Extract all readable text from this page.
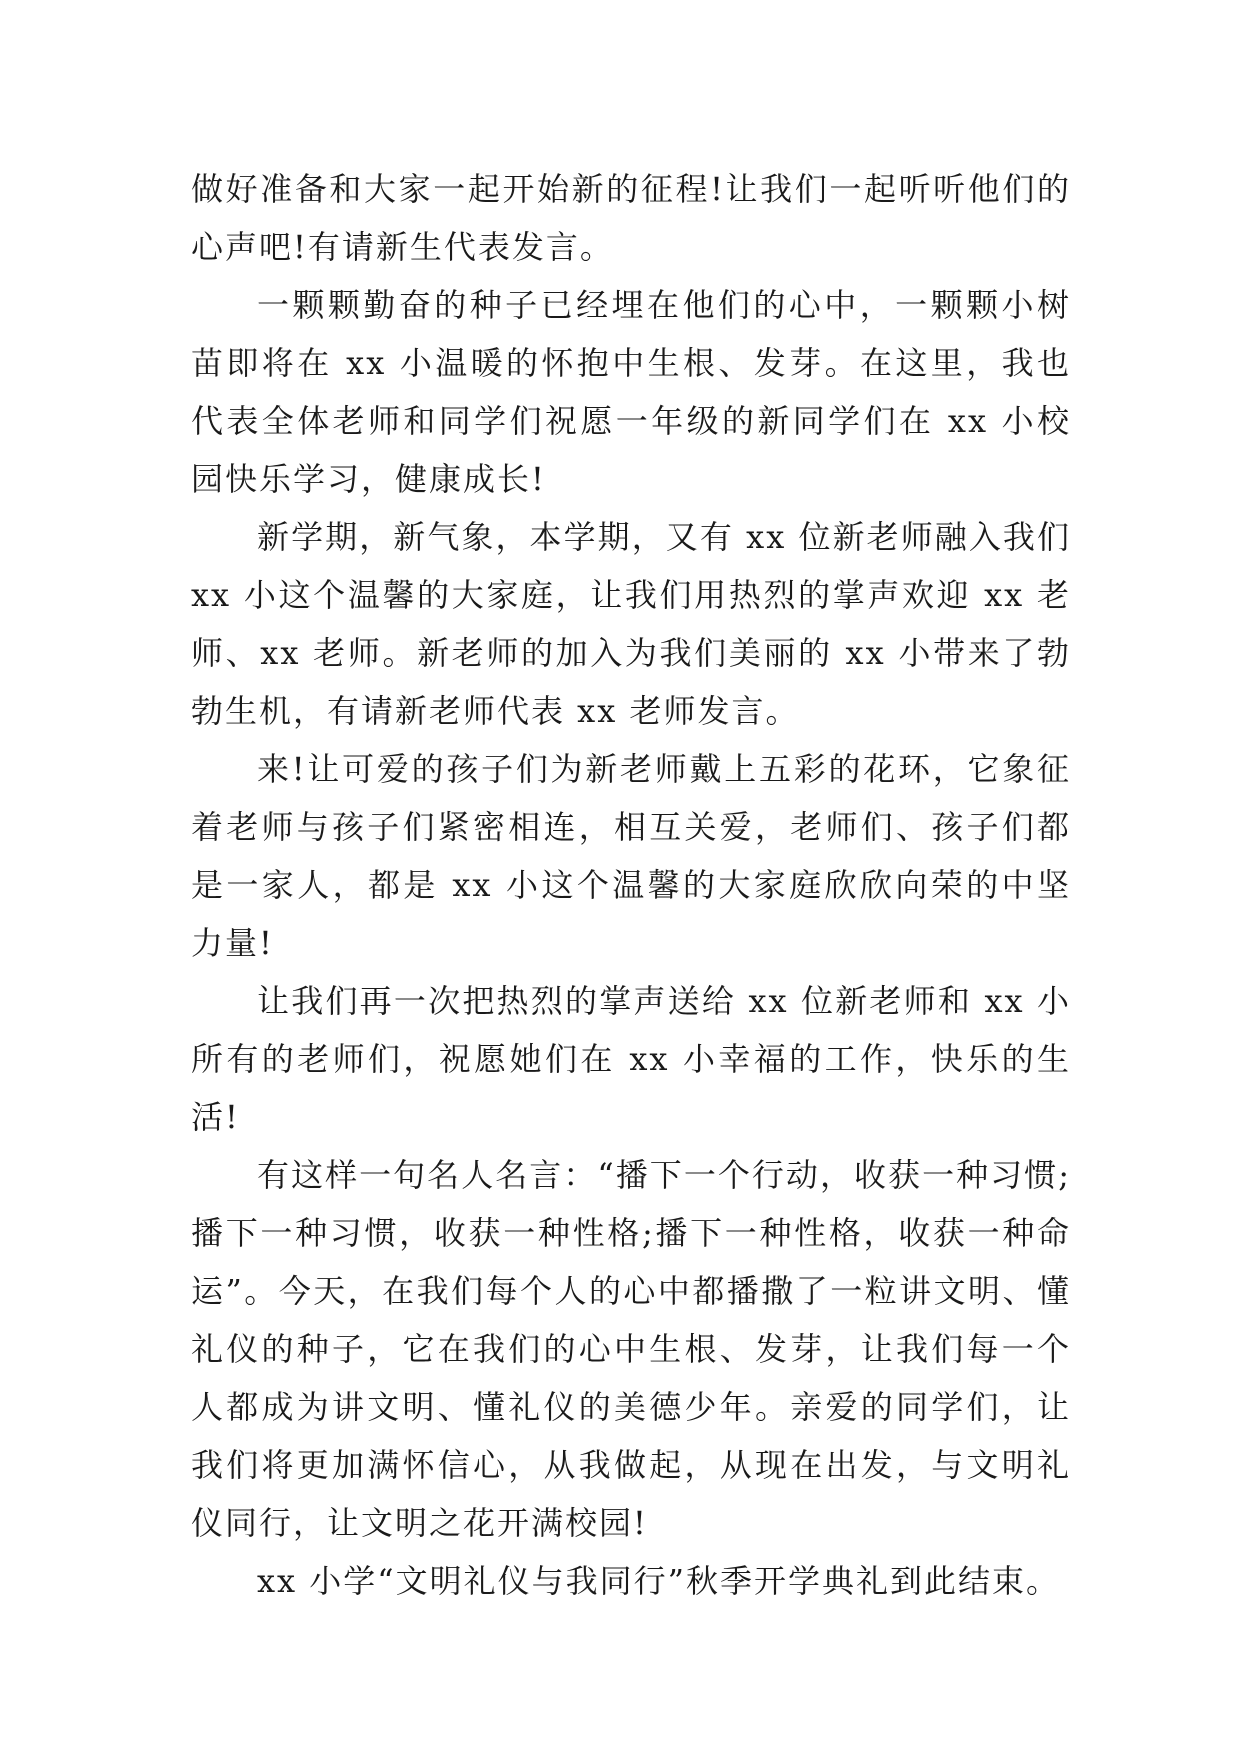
做好准备和大家一起开始新的征程!让我们一起听听他们的心声吧!有请新生代表发言。

一颗颗勤奋的种子已经埋在他们的心中，一颗颗小树苗即将在 xx 小温暖的怀抱中生根、发芽。在这里，我也代表全体老师和同学们祝愿一年级的新同学们在 xx 小校园快乐学习，健康成长!

新学期，新气象，本学期，又有 xx 位新老师融入我们 xx 小这个温馨的大家庭，让我们用热烈的掌声欢迎 xx 老师、xx 老师。新老师的加入为我们美丽的 xx 小带来了勃勃生机，有请新老师代表 xx 老师发言。

来!让可爱的孩子们为新老师戴上五彩的花环，它象征着老师与孩子们紧密相连，相互关爱，老师们、孩子们都是一家人，都是 xx 小这个温馨的大家庭欣欣向荣的中坚力量!

让我们再一次把热烈的掌声送给 xx 位新老师和 xx 小所有的老师们，祝愿她们在 xx 小幸福的工作，快乐的生活!

有这样一句名人名言：“播下一个行动，收获一种习惯;播下一种习惯，收获一种性格;播下一种性格，收获一种命运”。今天，在我们每个人的心中都播撒了一粒讲文明、懂礼仪的种子，它在我们的心中生根、发芽，让我们每一个人都成为讲文明、懂礼仪的美德少年。亲爱的同学们，让我们将更加满怀信心，从我做起，从现在出发，与文明礼仪同行，让文明之花开满校园!

xx 小学“文明礼仪与我同行”秋季开学典礼到此结束。
